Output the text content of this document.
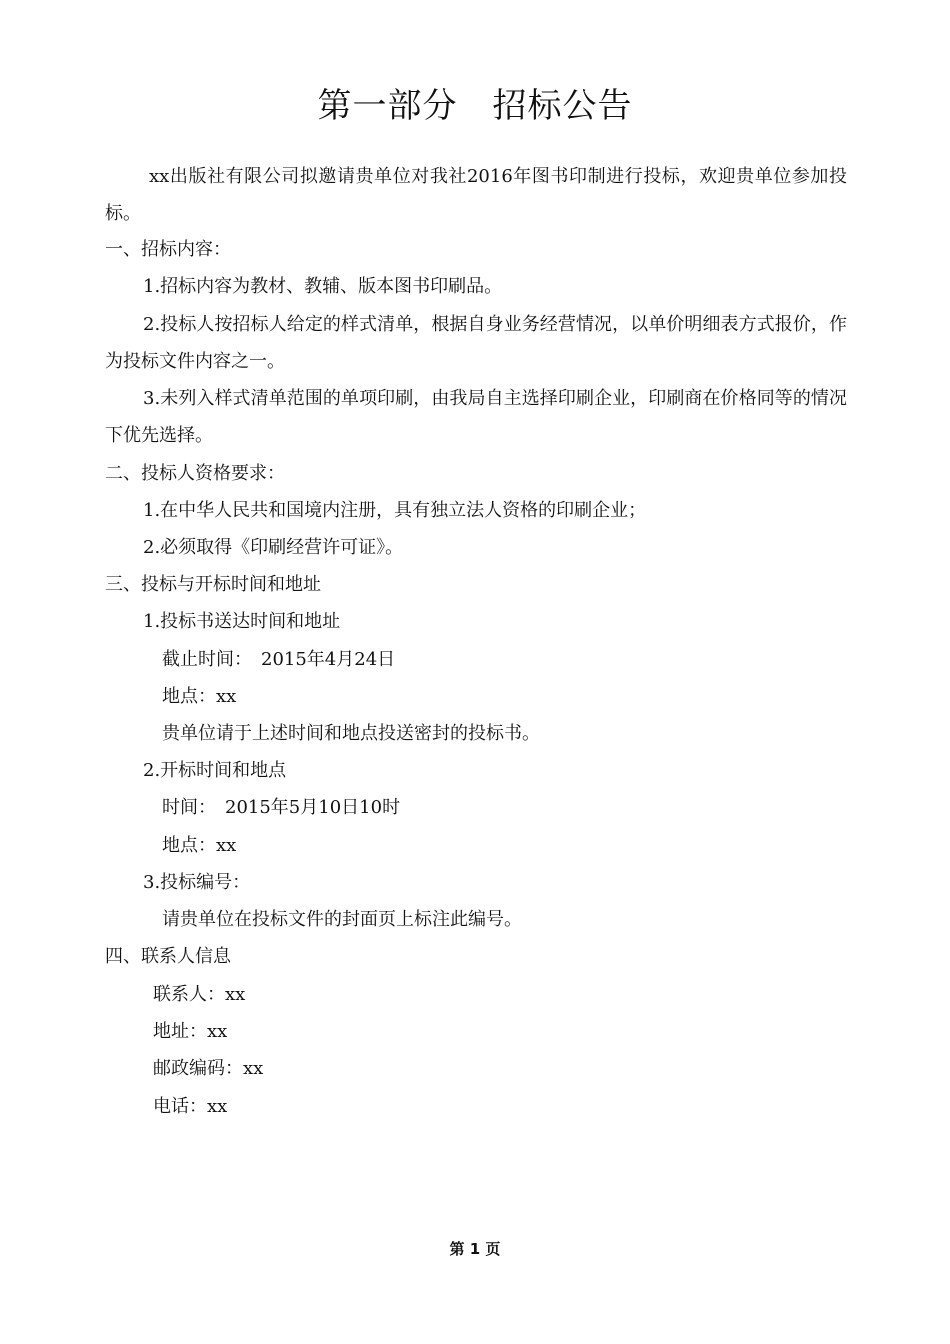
第一部分　招标公告
xx出版社有限公司拟邀请贵单位对我社2016年图书印制进行投标，欢迎贵单位参加投标。
一、招标内容：
1.招标内容为教材、教辅、版本图书印刷品。
2.投标人按招标人给定的样式清单，根据自身业务经营情况，以单价明细表方式报价，作为投标文件内容之一。
3.未列入样式清单范围的单项印刷，由我局自主选择印刷企业，印刷商在价格同等的情况下优先选择。
二、投标人资格要求：
1.在中华人民共和国境内注册，具有独立法人资格的印刷企业；
2.必须取得《印刷经营许可证》。
三、投标与开标时间和地址
1.投标书送达时间和地址
截止时间：　2015年4月24日
地点：xx
贵单位请于上述时间和地点投送密封的投标书。
2.开标时间和地点
时间：　2015年5月10日10时
地点：xx
3.投标编号：
请贵单位在投标文件的封面页上标注此编号。
四、联系人信息
联系人：xx
地址：xx
邮政编码：xx
电话：xx
第 1 页
